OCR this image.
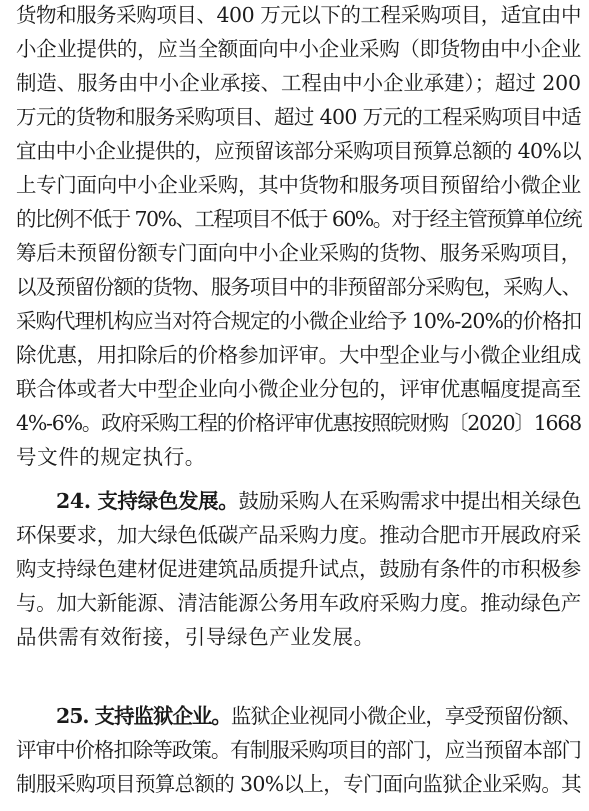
货物和服务采购项目、400 万元以下的工程采购项目，适宜由中
小企业提供的，应当全额面向中小企业采购（即货物由中小企业
制造、服务由中小企业承接、工程由中小企业承建）；超过 200
万元的货物和服务采购项目、超过 400 万元的工程采购项目中适
宜由中小企业提供的，应预留该部分采购项目预算总额的 40%以
上专门面向中小企业采购，其中货物和服务项目预留给小微企业
的比例不低于 70%、工程项目不低于 60%。对于经主管预算单位统
筹后未预留份额专门面向中小企业采购的货物、服务采购项目，
以及预留份额的货物、服务项目中的非预留部分采购包，采购人、
采购代理机构应当对符合规定的小微企业给予 10%-20%的价格扣
除优惠，用扣除后的价格参加评审。大中型企业与小微企业组成
联合体或者大中型企业向小微企业分包的，评审优惠幅度提高至
4%-6%。政府采购工程的价格评审优惠按照皖财购〔2020〕1668
号文件的规定执行。
24. 支持绿色发展。鼓励采购人在采购需求中提出相关绿色
环保要求，加大绿色低碳产品采购力度。推动合肥市开展政府采
购支持绿色建材促进建筑品质提升试点，鼓励有条件的市积极参
与。加大新能源、清洁能源公务用车政府采购力度。推动绿色产
品供需有效衔接，引导绿色产业发展。
25. 支持监狱企业。监狱企业视同小微企业，享受预留份额、
评审中价格扣除等政策。有制服采购项目的部门，应当预留本部门
制服采购项目预算总额的 30%以上，专门面向监狱企业采购。其
